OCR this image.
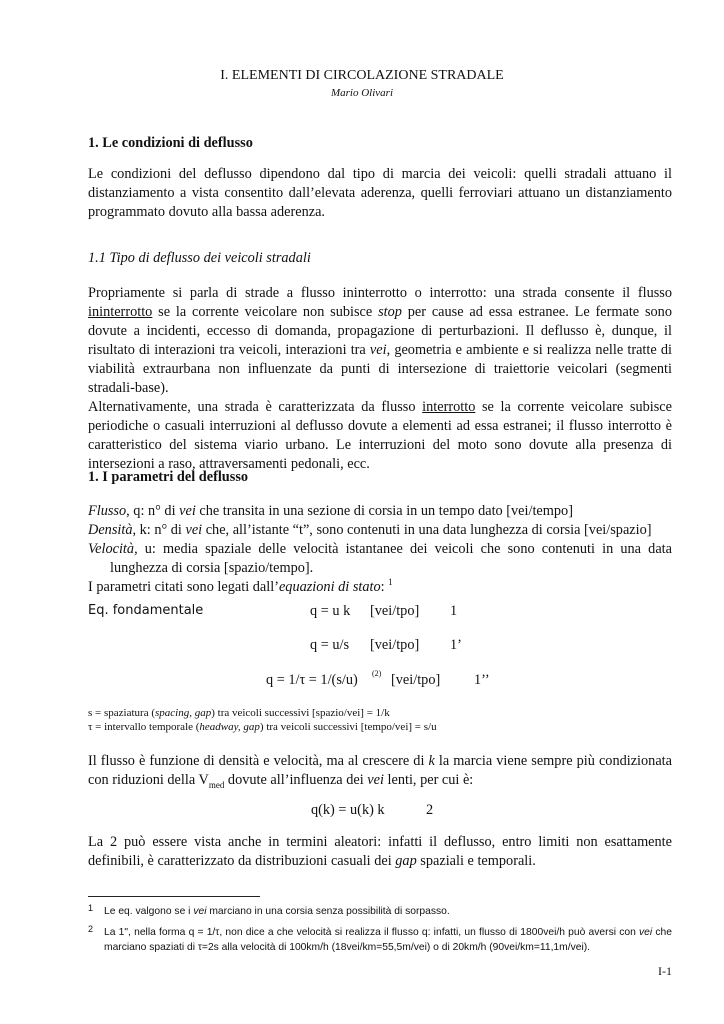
I. ELEMENTI DI CIRCOLAZIONE STRADALE
Mario Olivari
1. Le condizioni di deflusso

Le condizioni del deflusso dipendono dal tipo di marcia dei veicoli: quelli stradali attuano il distanziamento a vista consentito dall’elevata aderenza, quelli ferroviari attuano un distanziamento programmato dovuto alla bassa aderenza.

1.1 Tipo di deflusso dei veicoli stradali

Propriamente si parla di strade a flusso ininterrotto o interrotto: una strada consente il flusso ininterrotto se la corrente veicolare non subisce stop per cause ad essa estranee. Le fermate sono dovute a incidenti, eccesso di domanda, propagazione di perturbazioni. Il deflusso è, dunque, il risultato di interazioni tra veicoli, interazioni tra vei, geometria e ambiente e si realizza nelle tratte di viabilità extraurbana non influenzate da punti di intersezione di traiettorie veicolari (segmenti stradali-base).

Alternativamente, una strada è caratterizzata da flusso interrotto se la corrente veicolare subisce periodiche o casuali interruzioni al deflusso dovute a elementi ad essa estranei; il flusso interrotto è caratteristico del sistema viario urbano. Le interruzioni del moto sono dovute alla presenza di intersezioni a raso, attraversamenti pedonali, ecc.

1. I parametri del deflusso
Flusso, q: n° di vei che transita in una sezione di corsia in un tempo dato [vei/tempo]
Densità, k: n° di vei che, all’istante “t”, sono contenuti in una data lunghezza di corsia [vei/spazio]
Velocità, u: media spaziale delle velocità istantanee dei veicoli che sono contenuti in una data lunghezza di corsia [spazio/tempo].
I parametri citati sono legati dall’equazioni di stato: $^1$
Eq. fondamentale	q = u k [vei/tpo] 1
q = u/s [vei/tpo] 1’
q = 1/τ = 1/(s/u) (2) [vei/tpo] 1’’
s = spaziatura (spacing, gap) tra veicoli successivi [spazio/vei] = 1/k
τ = intervallo temporale (headway, gap) tra veicoli successivi [tempo/vei] = s/u

Il flusso è funzione di densità e velocità, ma al crescere di k la marcia viene sempre più condizionata con riduzioni della $V_{med}$ dovute all’influenza dei vei lenti, per cui è:

q(k) = u(k) k	2

La 2 può essere vista anche in termini aleatori: infatti il deflusso, entro limiti non esattamente definibili, è caratterizzato da distribuzioni casuali dei gap spaziali e temporali.

1 Le eq. valgono se i vei marciano in una corsia senza possibilità di sorpasso.
2 La 1", nella forma q = 1/τ, non dice a che velocità si realizza il flusso q: infatti, un flusso di 1800vei/h può aversi con vei che marciano spaziati di τ=2s alla velocità di 100km/h (18vei/km=55,5m/vei) o di 20km/h (90vei/km=11,1m/vei).
I-1
